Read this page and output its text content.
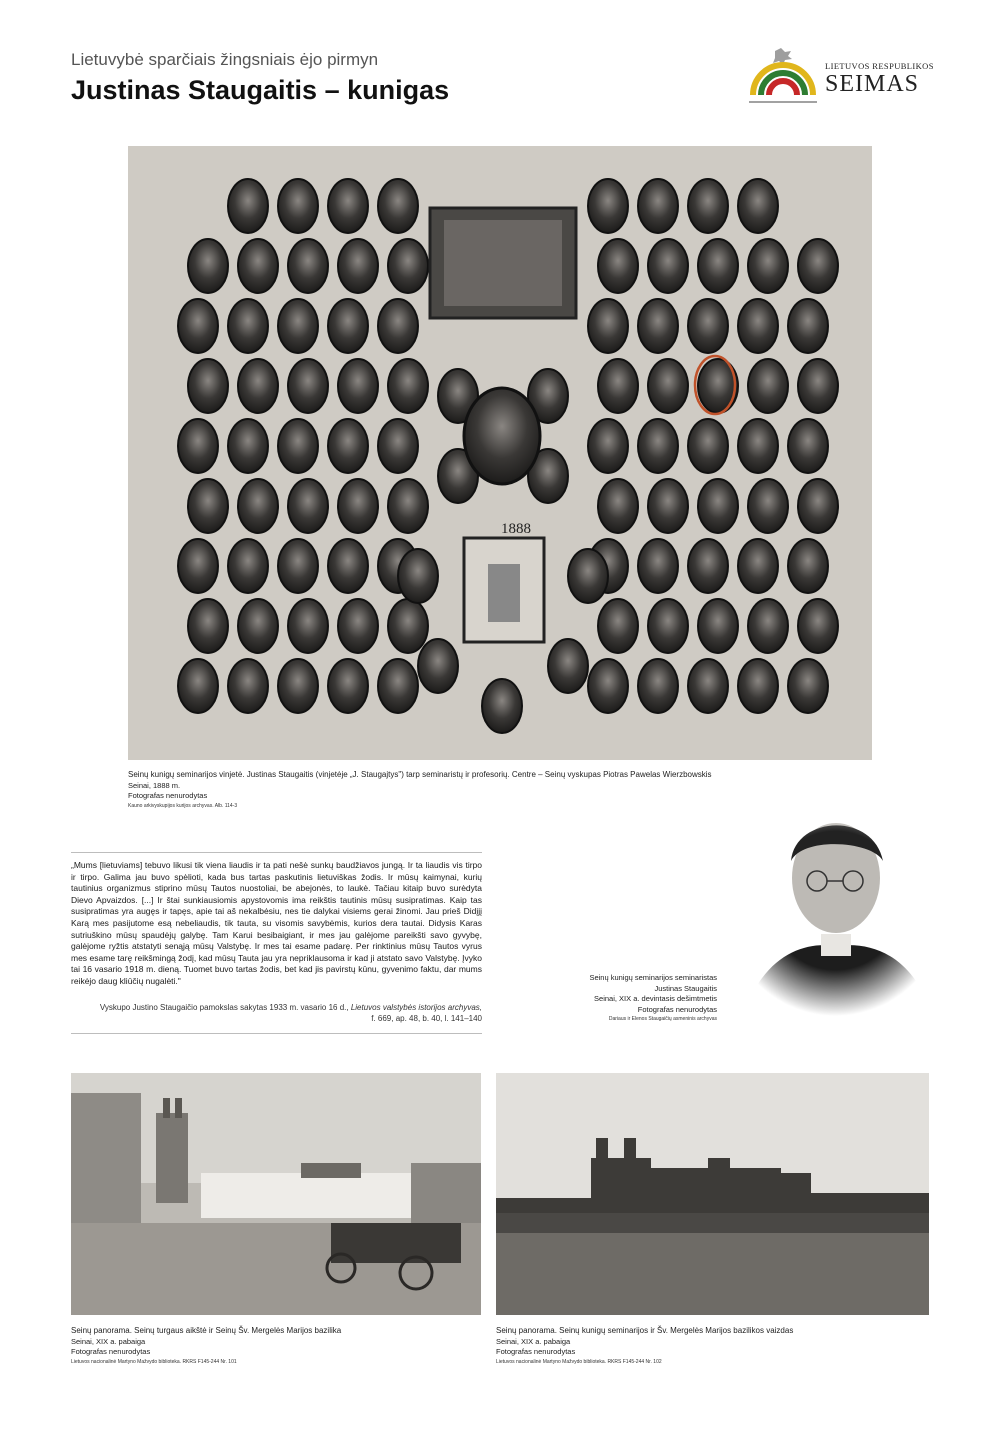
Lietuvybė sparčiais žingsniais ėjo pirmyn
Justinas Staugaitis – kunigas
LIETUVOS RESPUBLIKOS
SEIMAS
1888
Seinų kunigų seminarijos vinjetė. Justinas Staugaitis (vinjetėje „J. Staugajtys") tarp seminaristų ir profesorių. Centre – Seinų vyskupas Piotras Pawelas Wierzbowskis
Seinai, 1888 m.
Fotografas nenurodytas
Kauno arkivyskupijos kurijos archyvas. Alb. 114-3

„Mums [lietuviams] tebuvo likusi tik viena liaudis ir ta pati nešė sunkų baudžiavos jungą. Ir ta liaudis vis tirpo ir tirpo. Galima jau buvo spėlioti, kada bus tartas paskutinis lietuviškas žodis. Ir mūsų kaimynai, kurių tautinius organizmus stiprino mūsų Tautos nuostoliai, be abejonės, to laukė. Tačiau kitaip buvo surėdyta Dievo Apvaizdos. [...] Ir štai sunkiausiomis apystovomis ima reikštis tautinis mūsų susipratimas. Kaip tas susipratimas yra augęs ir tapęs, apie tai aš nekalbėsiu, nes tie dalykai visiems gerai žinomi. Jau prieš Didįjį Karą mes pasijutome esą nebeliaudis, tik tauta, su visomis savybėmis, kurios dera tautai. Didysis Karas sutriuškino mūsų spaudėjų galybę. Tam Karui besibaigiant, ir mes jau galėjome pareikšti savo gyvybę, galėjome ryžtis atstatyti senąją mūsų Valstybę. Ir mes tai esame padarę. Per rinktinius mūsų Tautos vyrus mes esame tarę reikšmingą žodį, kad mūsų Tauta jau yra nepriklausoma ir kad ji atstato savo Valstybę. Įvyko tai 16 vasario 1918 m. dieną. Tuomet buvo tartas žodis, bet kad jis pavirstų kūnu, gyvenimo faktu, dar mums reikėjo daug kliūčių nugalėti."

Vyskupo Justino Staugaičio pamokslas sakytas 1933 m. vasario 16 d., Lietuvos valstybės istorijos archyvas,
f. 669, ap. 48, b. 40, l. 141–140
Seinų kunigų seminarijos seminaristas
Justinas Staugaitis
Seinai, XIX a. devintasis dešimtmetis
Fotografas nenurodytas
Dariaus ir Elenos Staugaičių asmeninis archyvas
Seinų panorama. Seinų turgaus aikštė ir Seinų Šv. Mergelės Marijos bazilika
Seinai, XIX a. pabaiga
Fotografas nenurodytas
Lietuvos nacionalinė Martyno Mažvydo biblioteka. RKRS F145-244 Nr. 101
Seinų panorama. Seinų kunigų seminarijos ir Šv. Mergelės Marijos bazilikos vaizdas
Seinai, XIX a. pabaiga
Fotografas nenurodytas
Lietuvos nacionalinė Martyno Mažvydo biblioteka. RKRS F145-244 Nr. 102
